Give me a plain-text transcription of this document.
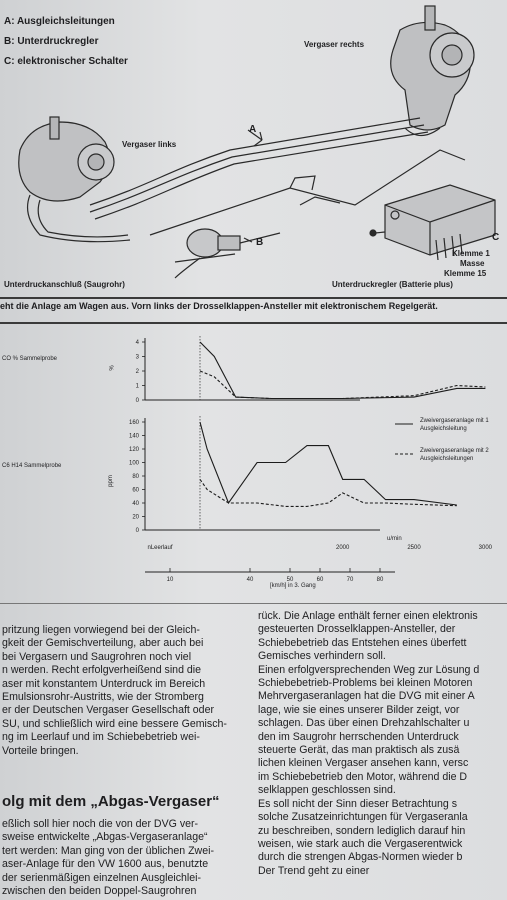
A: Ausgleichsleitungen
B: Unterdruckregler
C: elektronischer Schalter
Vergaser rechts
Vergaser links
A
B	C
Unterdruckanschluß (Saugrohr)	Unterdruckregler (Batterie plus)
Klemme 1
Masse
Klemme 15
eht die Anlage am Wagen aus. Vorn links der Drosselklappen-Ansteller mit elektronischem Regelgerät.
CO % Sammelprobe
C6 H14 Sammelprobe
%
ppm
4
3
2
1
0
160
140
120
100
80
60
40
20
0
nLeerlauf	2000	2500	3000
10	40	50	60	70	80
Zweivergaseranlage mit 1 Ausgleichsleitung
Zweivergaseranlage mit 2 Ausgleichsleitungen
u/min
[km/h] in 3. Gang
pritzung liegen vorwiegend bei der Gleich-
gkeit der Gemischverteilung, aber auch bei
bei Vergasern und Saugrohren noch viel
n werden. Recht erfolgverheißend sind die
aser mit konstantem Unterdruck im Bereich
Emulsionsrohr-Austritts, wie der Stromberg
er der Deutschen Vergaser Gesellschaft oder
SU, und schließlich wird eine bessere Gemisch-
ng im Leerlauf und im Schiebebetrieb wei-
Vorteile bringen.
olg mit dem „Abgas-Vergaser“
eßlich soll hier noch die von der DVG ver-
sweise entwickelte „Abgas-Vergaseranlage“
tert werden: Man ging von der üblichen Zwei-
aser-Anlage für den VW 1600 aus, benutzte
der serienmäßigen einzelnen Ausgleichlei-
zwischen den beiden Doppel-Saugrohren
rück. Die Anlage enthält ferner einen elektronis
gesteuerten Drosselklappen-Ansteller, der
Schiebebetrieb das Entstehen eines überfett
Gemisches verhindern soll.
Einen erfolgversprechenden Weg zur Lösung d
Schiebebetrieb-Problems bei kleinen Motoren
Mehrvergaseranlagen hat die DVG mit einer A
lage, wie sie eines unserer Bilder zeigt, vor
schlagen. Das über einen Drehzahlschalter u
den im Saugrohr herrschenden Unterdruck
steuerte Gerät, das man praktisch als zusä
lichen kleinen Vergaser ansehen kann, versc
im Schiebebetrieb den Motor, während die D
selklappen geschlossen sind.
Es soll nicht der Sinn dieser Betrachtung s
solche Zusatzeinrichtungen für Vergaseranla
zu beschreiben, sondern lediglich darauf hin
weisen, wie stark auch die Vergaserentwick
durch die strengen Abgas-Normen wieder b
Der Trend geht zu einer
